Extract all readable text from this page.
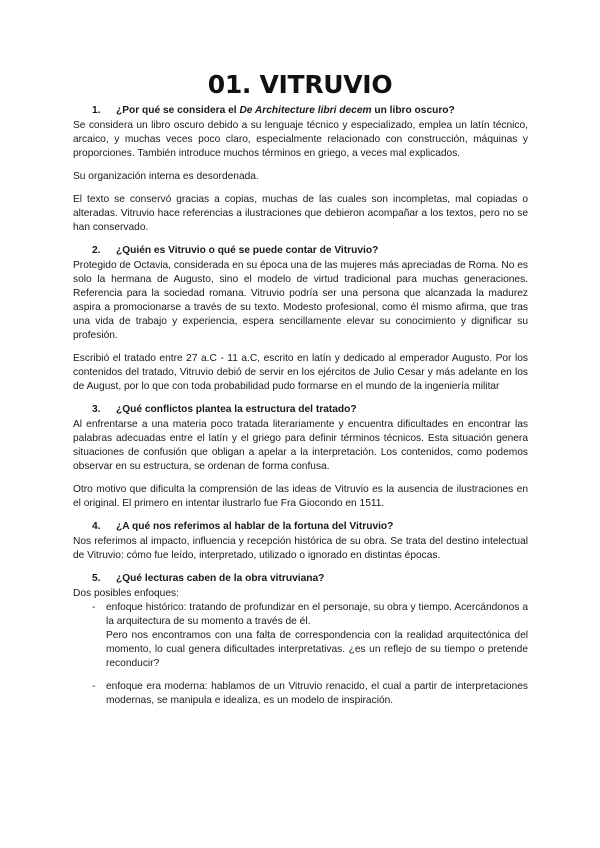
01. VITRUVIO
1. ¿Por qué se considera el De Architecture libri decem un libro oscuro?

Se considera un libro oscuro debido a su lenguaje técnico y especializado, emplea un latín técnico, arcaico, y muchas veces poco claro, especialmente relacionado con construcción, máquinas y proporciones. También introduce muchos términos en griego, a veces mal explicados.

Su organización interna es desordenada.

El texto se conservó gracias a copias, muchas de las cuales son incompletas, mal copiadas o alteradas. Vitruvio hace referencias a ilustraciones que debieron acompañar a los textos, pero no se han conservado.

2. ¿Quién es Vitruvio o qué se puede contar de Vitruvio?

Protegido de Octavia, considerada en su época una de las mujeres más apreciadas de Roma. No es solo la hermana de Augusto, sino el modelo de virtud tradicional para muchas generaciones. Referencia para la sociedad romana. Vitruvio podría ser una persona que alcanzada la madurez aspira a promocionarse a través de su texto. Modesto profesional, como él mismo afirma, que tras una vida de trabajo y experiencia, espera sencillamente elevar su conocimiento y dignificar su profesión.

Escribió el tratado entre 27 a.C - 11 a.C, escrito en latín y dedicado al emperador Augusto. Por los contenidos del tratado, Vitruvio debió de servir en los ejércitos de Julio Cesar y más adelante en los de August, por lo que con toda probabilidad pudo formarse en el mundo de la ingeniería militar

3. ¿Qué conflictos plantea la estructura del tratado?

Al enfrentarse a una materia poco tratada literariamente y encuentra dificultades en encontrar las palabras adecuadas entre el latín y el griego para definir términos técnicos. Esta situación genera situaciones de confusión que obligan a apelar a la interpretación. Los contenidos, como podemos observar en su estructura, se ordenan de forma confusa.

Otro motivo que dificulta la comprensión de las ideas de Vitruvio es la ausencia de ilustraciones en el original. El primero en intentar ilustrarlo fue Fra Giocondo en 1511.

4. ¿A qué nos referimos al hablar de la fortuna del Vitruvio?

Nos referimos al impacto, influencia y recepción histórica de su obra. Se trata del destino intelectual de Vitruvio: cómo fue leído, interpretado, utilizado o ignorado en distintas épocas.

5. ¿Qué lecturas caben de la obra vitruviana?
Dos posibles enfoques:
- enfoque histórico: tratando de profundizar en el personaje, su obra y tiempo. Acercándonos a la arquitectura de su momento a través de él.
Pero nos encontramos con una falta de correspondencia con la realidad arquitectónica del momento, lo cual genera dificultades interpretativas. ¿es un reflejo de su tiempo o pretende reconducir?
- enfoque era moderna: hablamos de un Vitruvio renacido, el cual a partir de interpretaciones modernas, se manipula e idealiza, es un modelo de inspiración.
